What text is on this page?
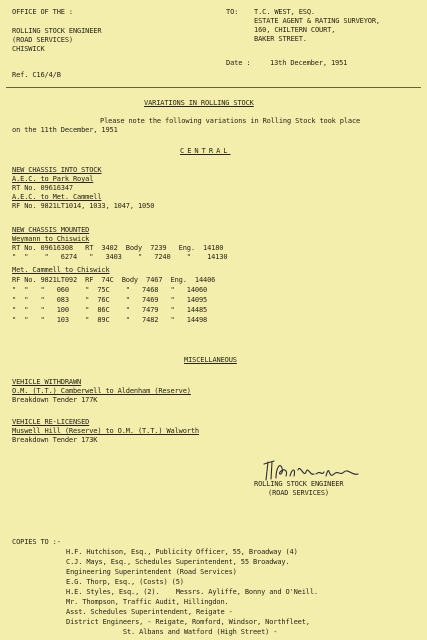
OFFICE OF THE :
ROLLING STOCK ENGINEER
(ROAD SERVICES)
CHISWICK
Ref. C16/4/B
TO: T.C. WEST, ESQ.
ESTATE AGENT & RATING SURVEYOR,
160, CHILTERN COURT,
BAKER STREET.
Date :	13th December, 1951
VARIATIONS IN ROLLING STOCK
Please note the following variations in Rolling Stock took place
on the 11th December, 1951
CENTRAL
NEW CHASSIS INTO STOCK
A.E.C. to Park Royal
RT No. 09616347
A.E.C. to Met. Cammell
RF No. 9821LT1014, 1033, 1047, 1050
NEW CHASSIS MOUNTED
Weymann to Chiswick
RT No. 09616308   RT  3402  Body  7239   Eng.  14180
"  "    "   6274   "   3403    "   7240    "    14130
Met. Cammell to Chiswick
RF No. 9821LT092  RF  74C  Body  7467  Eng.  14406
"  "   "   060    "  75C    "   7468   "   14060
"  "   "   083    "  76C    "   7469   "   14095
"  "   "   100    "  86C    "   7479   "   14485
"  "   "   103    "  89C    "   7482   "   14498
MISCELLANEOUS
VEHICLE WITHDRAWN
O.M. (T.T.) Camberwell to Aldenham (Reserve)
Breakdown Tender 177K
VEHICLE RE-LICENSED
Muswell Hill (Reserve) to O.M. (T.T.) Walworth
Breakdown Tender 173K
ROLLING STOCK ENGINEER
(ROAD SERVICES)
COPIES TO :-
H.F. Hutchison, Esq., Publicity Officer, 55, Broadway (4)
C.J. Mays, Esq., Schedules Superintendent, 55 Broadway.
Engineering Superintendent (Road Services)
E.G. Thorp, Esq., (Costs) (5)
H.E. Styles, Esq., (2).    Messrs. Ayliffe, Bonny and O'Neill.
Mr. Thompson, Traffic Audit, Hillingdon.
Asst. Schedules Superintendent, Reigate -
District Engineers, - Reigate, Romford, Windsor, Northfleet,
St. Albans and Watford (High Street) -
